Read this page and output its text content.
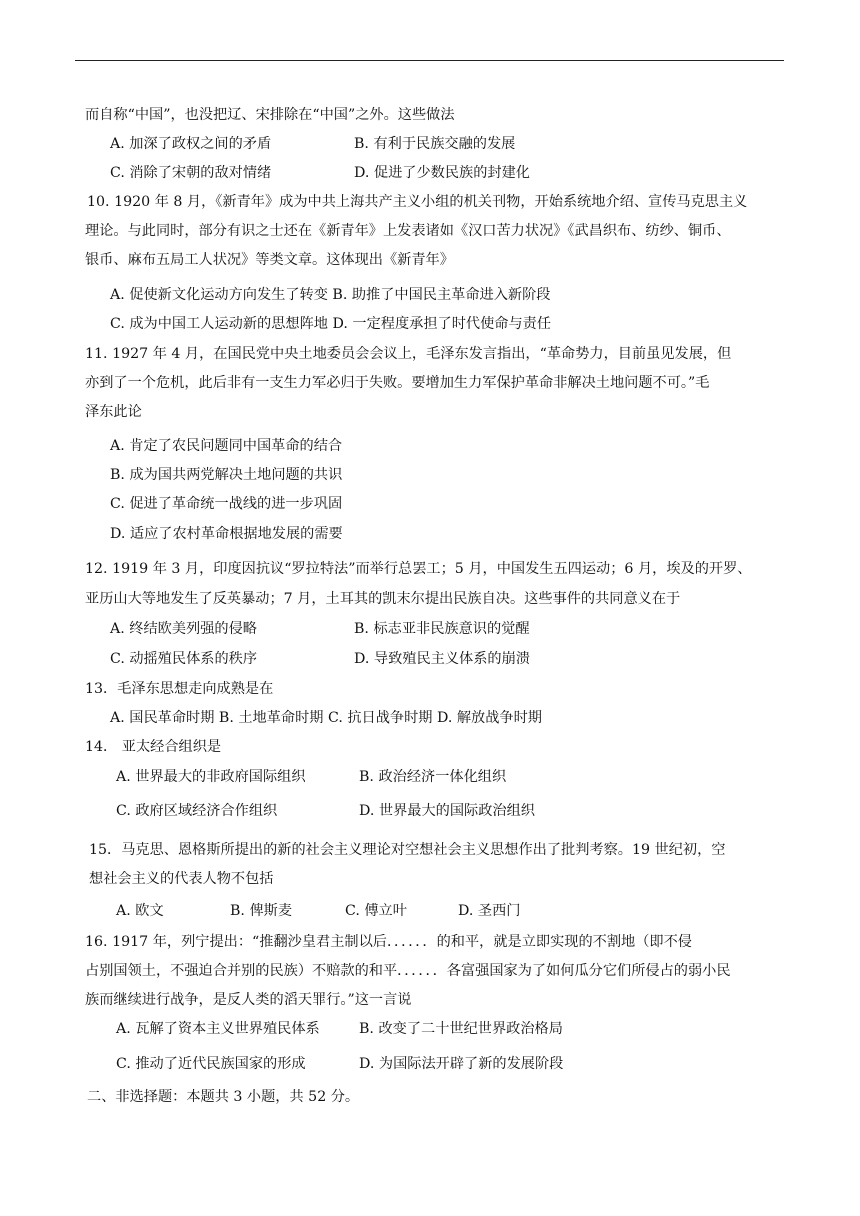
而自称“中国”，也没把辽、宋排除在“中国”之外。这些做法
A. 加深了政权之间的矛盾	B. 有利于民族交融的发展
C. 消除了宋朝的敌对情绪	D. 促进了少数民族的封建化
10. 1920 年 8 月，《新青年》成为中共上海共产主义小组的机关刊物，开始系统地介绍、宣传马克思主义
理论。与此同时，部分有识之士还在《新青年》上发表诸如《汉口苦力状况》《武昌织布、纺纱、铜币、
银币、麻布五局工人状况》等类文章。这体现出《新青年》
A. 促使新文化运动方向发生了转变 B. 助推了中国民主革命进入新阶段
C. 成为中国工人运动新的思想阵地 D. 一定程度承担了时代使命与责任
11. 1927 年 4 月，在国民党中央土地委员会会议上，毛泽东发言指出，“革命势力，目前虽见发展，但
亦到了一个危机，此后非有一支生力军必归于失败。要增加生力军保护革命非解决土地问题不可。”毛
泽东此论
A. 肯定了农民问题同中国革命的结合
B. 成为国共两党解决土地问题的共识
C. 促进了革命统一战线的进一步巩固
D. 适应了农村革命根据地发展的需要
12. 1919 年 3 月，印度因抗议“罗拉特法”而举行总罢工；5 月，中国发生五四运动；6 月，埃及的开罗、
亚历山大等地发生了反英暴动；7 月，土耳其的凯末尔提出民族自决。这些事件的共同意义在于
A. 终结欧美列强的侵略	B. 标志亚非民族意识的觉醒
C. 动摇殖民体系的秩序	D. 导致殖民主义体系的崩溃
13．毛泽东思想走向成熟是在
A. 国民革命时期 B. 土地革命时期 C. 抗日战争时期 D. 解放战争时期
14． 亚太经合组织是
A. 世界最大的非政府国际组织	B. 政治经济一体化组织
C. 政府区域经济合作组织	D. 世界最大的国际政治组织
15．马克思、恩格斯所提出的新的社会主义理论对空想社会主义思想作出了批判考察。19 世纪初，空
想社会主义的代表人物不包括
A. 欧文	B. 俾斯麦	C. 傅立叶	D. 圣西门
16. 1917 年，列宁提出：“推翻沙皇君主制以后．．．．．．的和平，就是立即实现的不割地（即不侵
占别国领土，不强迫合并别的民族）不赔款的和平．．．．．．各富强国家为了如何瓜分它们所侵占的弱小民
族而继续进行战争，是反人类的滔天罪行。”这一言说
A. 瓦解了资本主义世界殖民体系	B. 改变了二十世纪世界政治格局
C. 推动了近代民族国家的形成	D. 为国际法开辟了新的发展阶段
二、非选择题：本题共 3 小题，共 52 分。
